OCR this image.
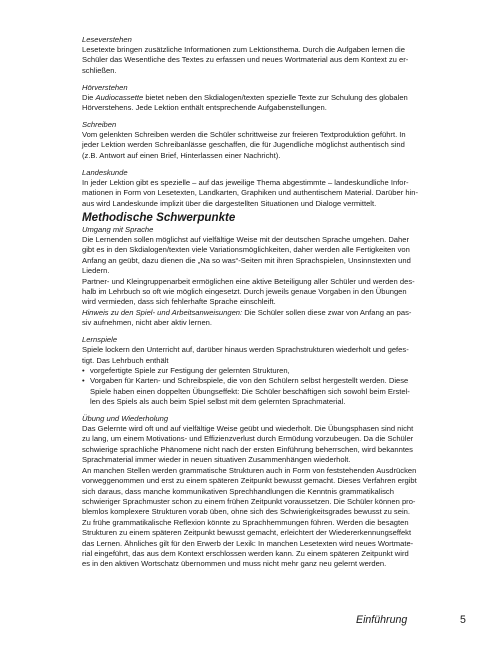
Leseverstehen

Lesetexte bringen zusätzliche Informationen zum Lektionsthema. Durch die Aufgaben lernen die

Schüler das Wesentliche des Textes zu erfassen und neues Wortmaterial aus dem Kontext zu er-

schließen.

Hörverstehen

Die Audiocassette bietet neben den Skdialogen/texten spezielle Texte zur Schulung des globalen

Hörverstehens. Jede Lektion enthält entsprechende Aufgabenstellungen.

Schreiben

Vom gelenkten Schreiben werden die Schüler schrittweise zur freieren Textproduktion geführt. In

jeder Lektion werden Schreibanlässe geschaffen, die für Jugendliche möglichst authentisch sind

(z.B. Antwort auf einen Brief, Hinterlassen einer Nachricht).

Landeskunde

In jeder Lektion gibt es spezielle – auf das jeweilige Thema abgestimmte – landeskundliche Infor-

mationen in Form von Lesetexten, Landkarten, Graphiken und authentischem Material. Darüber hin-

aus wird Landeskunde implizit über die dargestellten Situationen und Dialoge vermittelt.

Methodische Schwerpunkte

Umgang mit Sprache

Die Lernenden sollen möglichst auf vielfältige Weise mit der deutschen Sprache umgehen. Daher

gibt es in den Skdialogen/texten viele Variationsmöglichkeiten, daher werden alle Fertigkeiten von

Anfang an geübt, dazu dienen die „Na so was“-Seiten mit ihren Sprachspielen, Unsinnstexten und

Liedern.

Partner- und Kleingruppenarbeit ermöglichen eine aktive Beteiligung aller Schüler und werden des-

halb im Lehrbuch so oft wie möglich eingesetzt. Durch jeweils genaue Vorgaben in den Übungen

wird vermieden, dass sich fehlerhafte Sprache einschleift.

Hinweis zu den Spiel- und Arbeitsanweisungen: Die Schüler sollen diese zwar von Anfang an pas-

siv aufnehmen, nicht aber aktiv lernen.

Lernspiele

Spiele lockern den Unterricht auf, darüber hinaus werden Sprachstrukturen wiederholt und gefes-

tigt. Das Lehrbuch enthält

• vorgefertigte Spiele zur Festigung der gelernten Strukturen,
• Vorgaben für Karten- und Schreibspiele, die von den Schülern selbst hergestellt werden. Diese
Spiele haben einen doppelten Übungseffekt: Die Schüler beschäftigen sich sowohl beim Erstel-
len des Spiels als auch beim Spiel selbst mit dem gelernten Sprachmaterial.

Übung und Wiederholung

Das Gelernte wird oft und auf vielfältige Weise geübt und wiederholt. Die Übungsphasen sind nicht

zu lang, um einem Motivations- und Effizienzverlust durch Ermüdung vorzubeugen. Da die Schüler

schwierige sprachliche Phänomene nicht nach der ersten Einführung beherrschen, wird bekanntes

Sprachmaterial immer wieder in neuen situativen Zusammenhängen wiederholt.

An manchen Stellen werden grammatische Strukturen auch in Form von feststehenden Ausdrücken

vorweggenommen und erst zu einem späteren Zeitpunkt bewusst gemacht. Dieses Verfahren ergibt

sich daraus, dass manche kommunikativen Sprechhandlungen die Kenntnis grammatikalisch

schwieriger Sprachmuster schon zu einem frühen Zeitpunkt voraussetzen. Die Schüler können pro-

blemlos komplexere Strukturen vorab üben, ohne sich des Schwierigkeitsgrades bewusst zu sein.

Zu frühe grammatikalische Reflexion könnte zu Sprachhemmungen führen. Werden die besagten

Strukturen zu einem späteren Zeitpunkt bewusst gemacht, erleichtert der Wiedererkennungseffekt

das Lernen. Ähnliches gilt für den Erwerb der Lexik: In manchen Lesetexten wird neues Wortmate-

rial eingeführt, das aus dem Kontext erschlossen werden kann. Zu einem späteren Zeitpunkt wird

es in den aktiven Wortschatz übernommen und muss nicht mehr ganz neu gelernt werden.

Einführung	5
